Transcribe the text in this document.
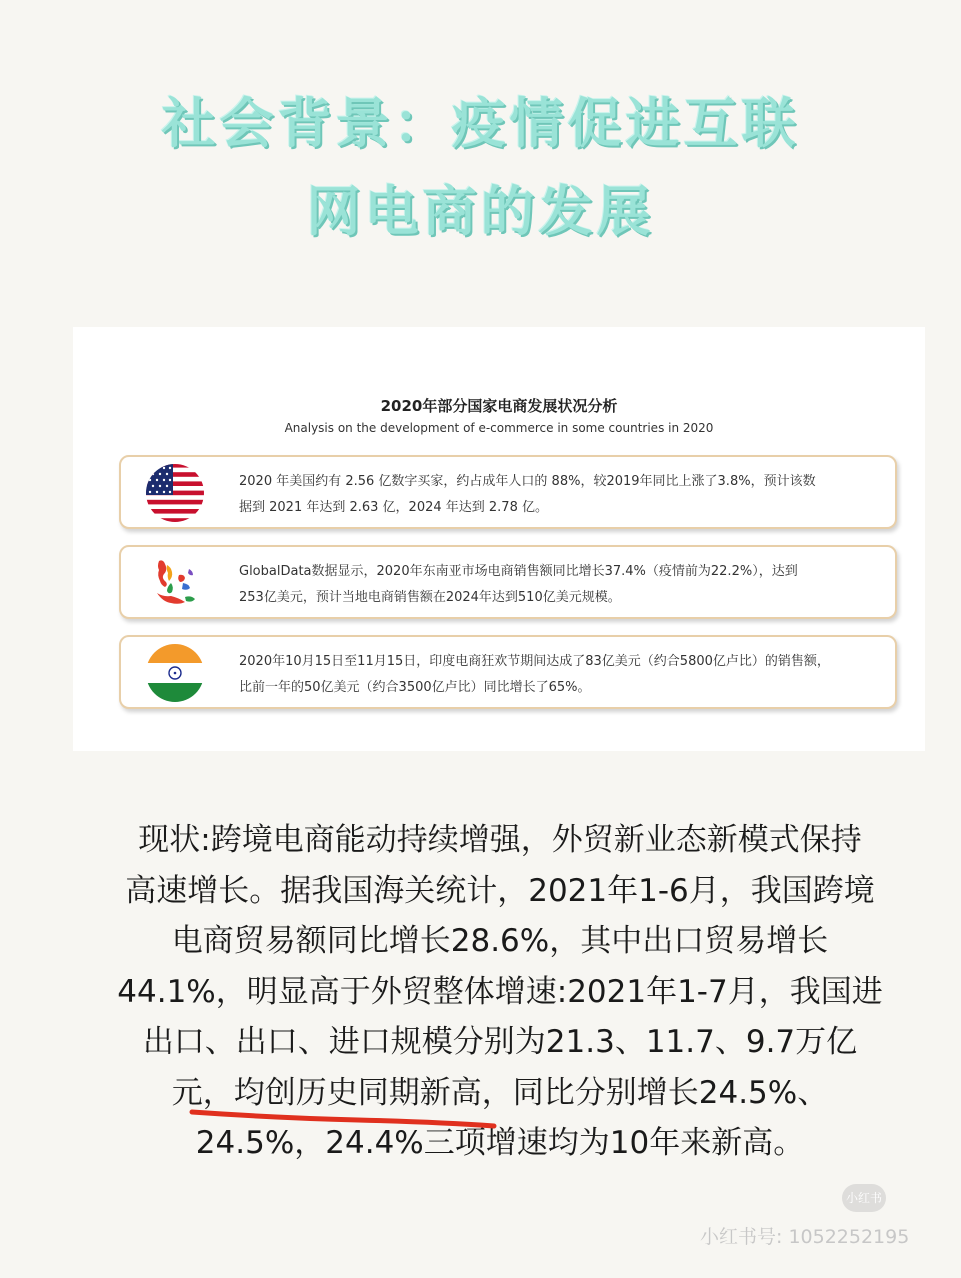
社会背景：疫情促进互联
网电商的发展
2020年部分国家电商发展状况分析
Analysis on the development of e-commerce in some countries in 2020
2020 年美国约有 2.56 亿数字买家，约占成年人口的 88%，较2019年同比上涨了3.8%，预计该数
据到 2021 年达到 2.63 亿，2024 年达到 2.78 亿。
GlobalData数据显示，2020年东南亚市场电商销售额同比增长37.4%（疫情前为22.2%），达到
253亿美元，预计当地电商销售额在2024年达到510亿美元规模。
2020年10月15日至11月15日，印度电商狂欢节期间达成了83亿美元（约合5800亿卢比）的销售额，
比前一年的50亿美元（约合3500亿卢比）同比增长了65%。
现状:跨境电商能动持续增强，外贸新业态新模式保持
高速增长。据我国海关统计，2021年1-6月，我国跨境
电商贸易额同比增长28.6%，其中出口贸易增长
44.1%，明显高于外贸整体增速:2021年1-7月，我国进
出口、出口、进口规模分别为21.3、11.7、9.7万亿
元，均创历史同期新高，同比分别增长24.5%、
24.5%，24.4%三项增速均为10年来新高。
小红书
小红书号: 1052252195
